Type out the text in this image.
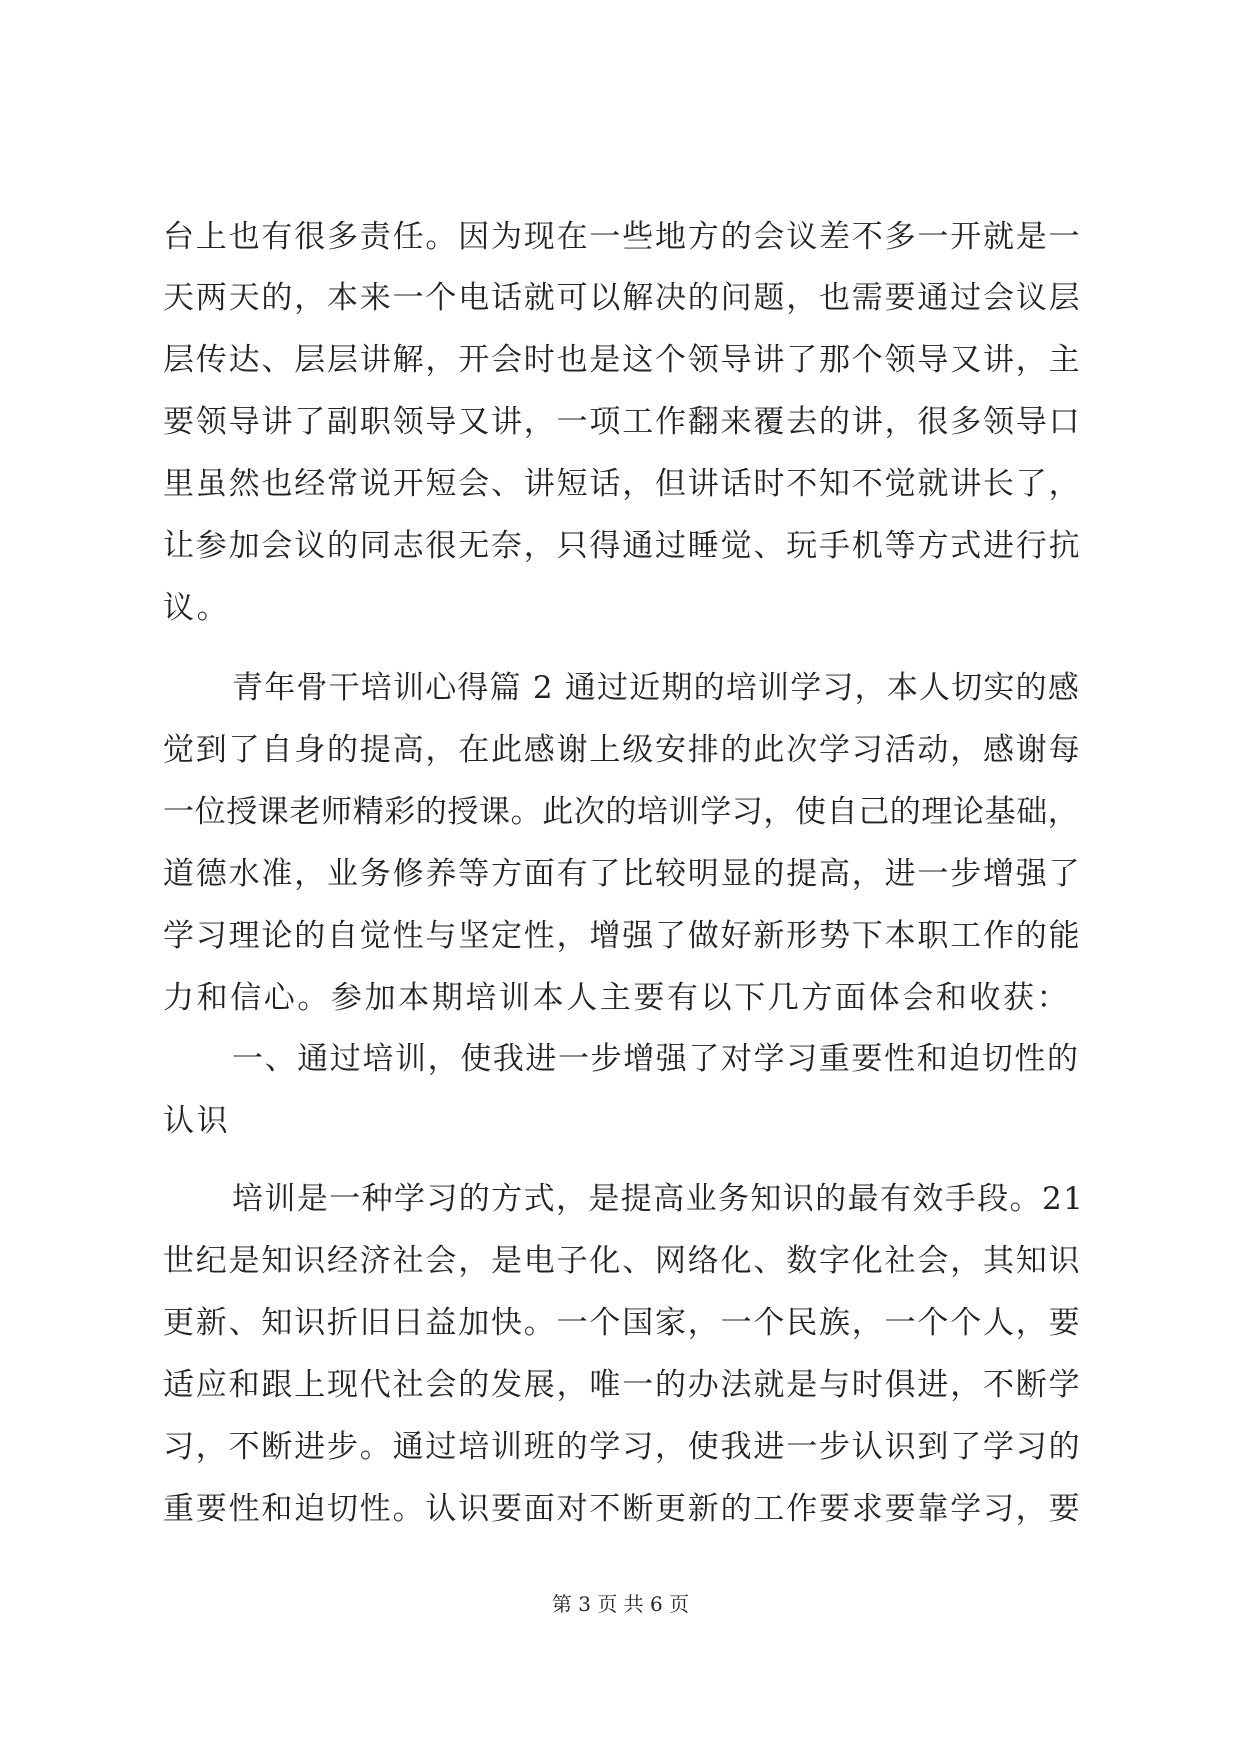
台上也有很多责任。因为现在一些地方的会议差不多一开就是一
天两天的，本来一个电话就可以解决的问题，也需要通过会议层
层传达、层层讲解，开会时也是这个领导讲了那个领导又讲，主
要领导讲了副职领导又讲，一项工作翻来覆去的讲，很多领导口
里虽然也经常说开短会、讲短话，但讲话时不知不觉就讲长了，
让参加会议的同志很无奈，只得通过睡觉、玩手机等方式进行抗
议。
青年骨干培训心得篇 2 通过近期的培训学习，本人切实的感
觉到了自身的提高，在此感谢上级安排的此次学习活动，感谢每
一位授课老师精彩的授课。此次的培训学习，使自己的理论基础，
道德水准，业务修养等方面有了比较明显的提高，进一步增强了
学习理论的自觉性与坚定性，增强了做好新形势下本职工作的能
力和信心。参加本期培训本人主要有以下几方面体会和收获：
一、通过培训，使我进一步增强了对学习重要性和迫切性的
认识
培训是一种学习的方式，是提高业务知识的最有效手段。21
世纪是知识经济社会，是电子化、网络化、数字化社会，其知识
更新、知识折旧日益加快。一个国家，一个民族，一个个人，要
适应和跟上现代社会的发展，唯一的办法就是与时俱进，不断学
习，不断进步。通过培训班的学习，使我进一步认识到了学习的
重要性和迫切性。认识要面对不断更新的工作要求要靠学习，要
第 3 页 共 6 页
